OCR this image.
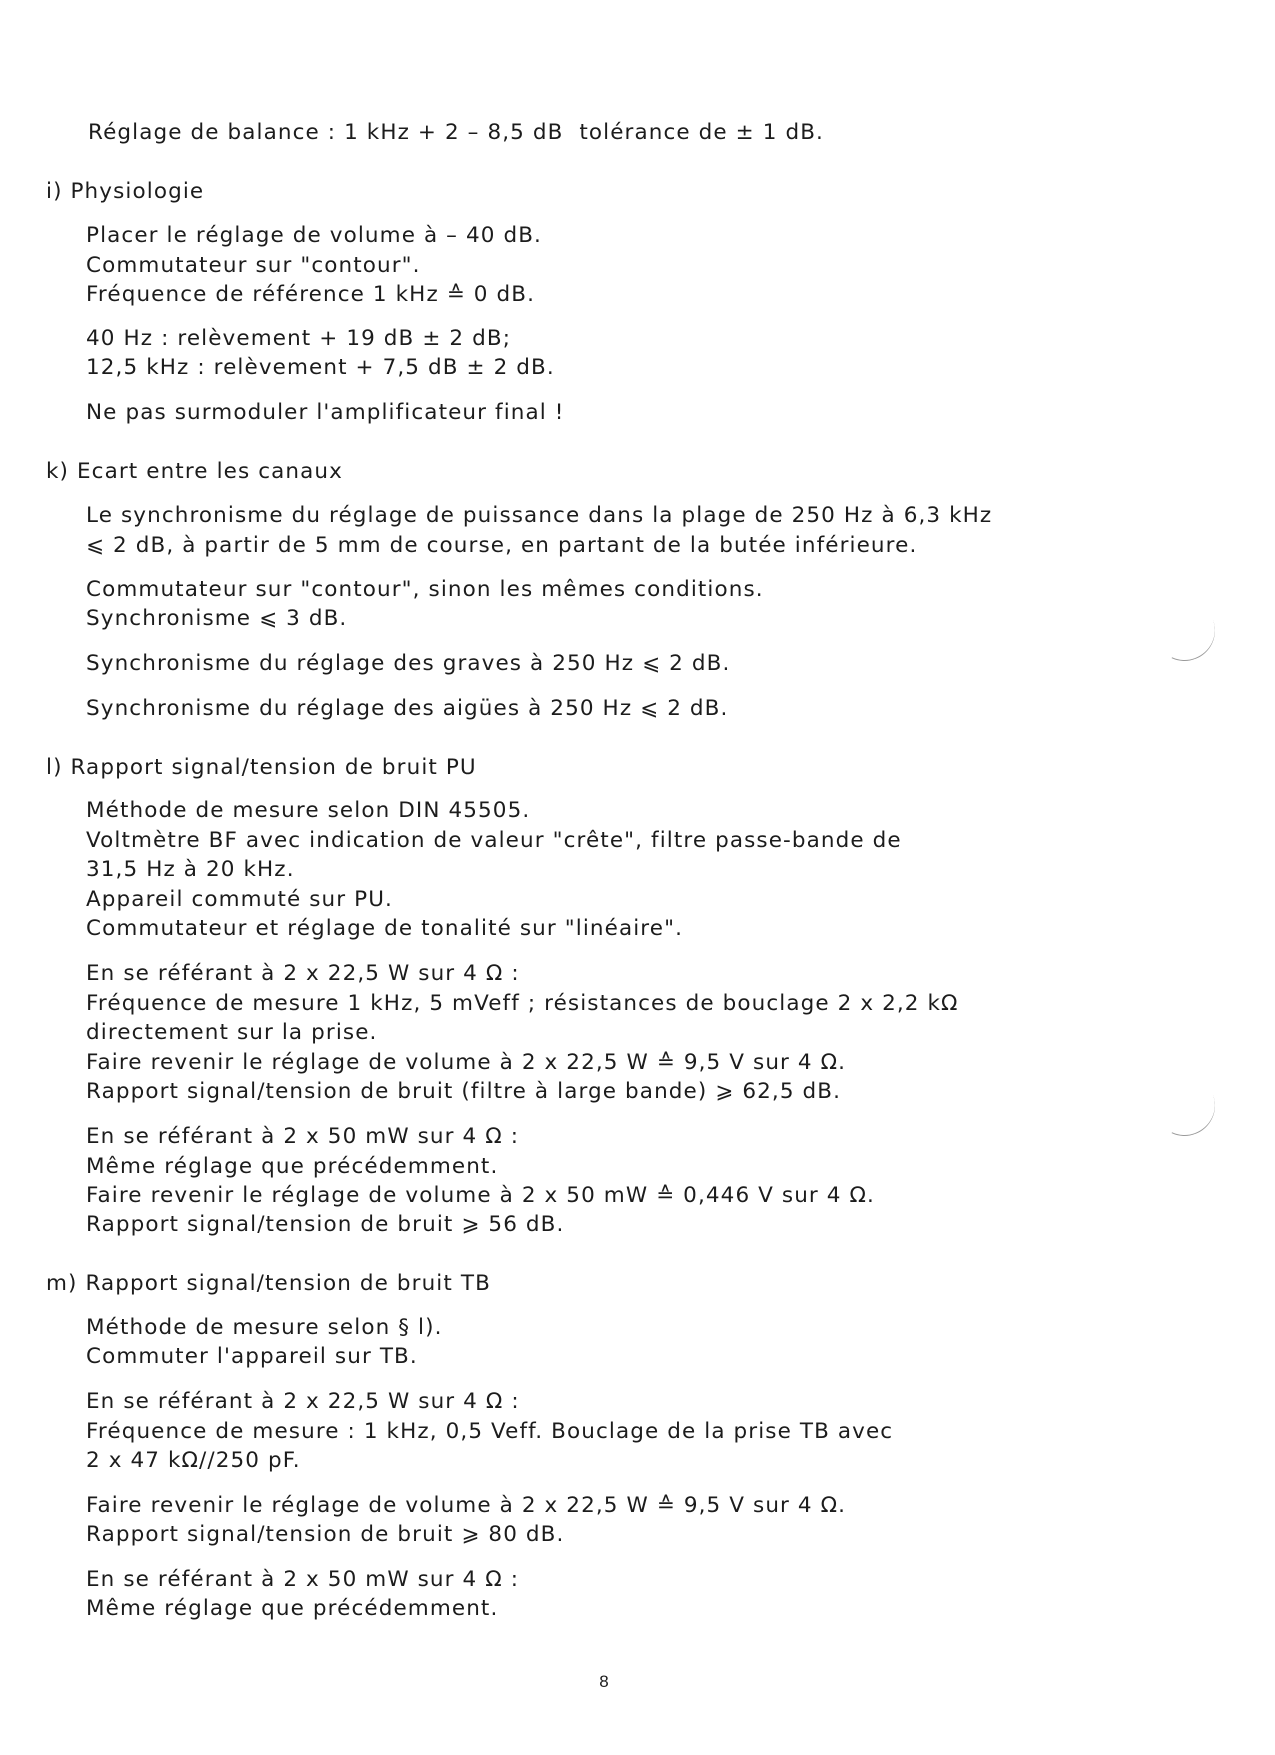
Réglage de balance : 1 kHz + 2 – 8,5 dB  tolérance de ± 1 dB.
i) Physiologie
Placer le réglage de volume à – 40 dB.
Commutateur sur "contour".
Fréquence de référence 1 kHz ≙ 0 dB.
40 Hz : relèvement + 19 dB ± 2 dB;
12,5 kHz : relèvement + 7,5 dB ± 2 dB.
Ne pas surmoduler l'amplificateur final !
k) Ecart entre les canaux
Le synchronisme du réglage de puissance dans la plage de 250 Hz à 6,3 kHz
⩽ 2 dB, à partir de 5 mm de course, en partant de la butée inférieure.
Commutateur sur "contour", sinon les mêmes conditions.
Synchronisme ⩽ 3 dB.
Synchronisme du réglage des graves à 250 Hz ⩽ 2 dB.
Synchronisme du réglage des aigües à 250 Hz ⩽ 2 dB.
l) Rapport signal/tension de bruit PU
Méthode de mesure selon DIN 45505.
Voltmètre BF avec indication de valeur "crête", filtre passe-bande de
31,5 Hz à 20 kHz.
Appareil commuté sur PU.
Commutateur et réglage de tonalité sur "linéaire".
En se référant à 2 x 22,5 W sur 4 Ω :
Fréquence de mesure 1 kHz, 5 mVeff ; résistances de bouclage 2 x 2,2 kΩ
directement sur la prise.
Faire revenir le réglage de volume à 2 x 22,5 W ≙ 9,5 V sur 4 Ω.
Rapport signal/tension de bruit (filtre à large bande) ⩾ 62,5 dB.
En se référant à 2 x 50 mW sur 4 Ω :
Même réglage que précédemment.
Faire revenir le réglage de volume à 2 x 50 mW ≙ 0,446 V sur 4 Ω.
Rapport signal/tension de bruit ⩾ 56 dB.
m) Rapport signal/tension de bruit TB
Méthode de mesure selon § l).
Commuter l'appareil sur TB.
En se référant à 2 x 22,5 W sur 4 Ω :
Fréquence de mesure : 1 kHz, 0,5 Veff. Bouclage de la prise TB avec
2 x 47 kΩ//250 pF.
Faire revenir le réglage de volume à 2 x 22,5 W ≙ 9,5 V sur 4 Ω.
Rapport signal/tension de bruit ⩾ 80 dB.
En se référant à 2 x 50 mW sur 4 Ω :
Même réglage que précédemment.
8
